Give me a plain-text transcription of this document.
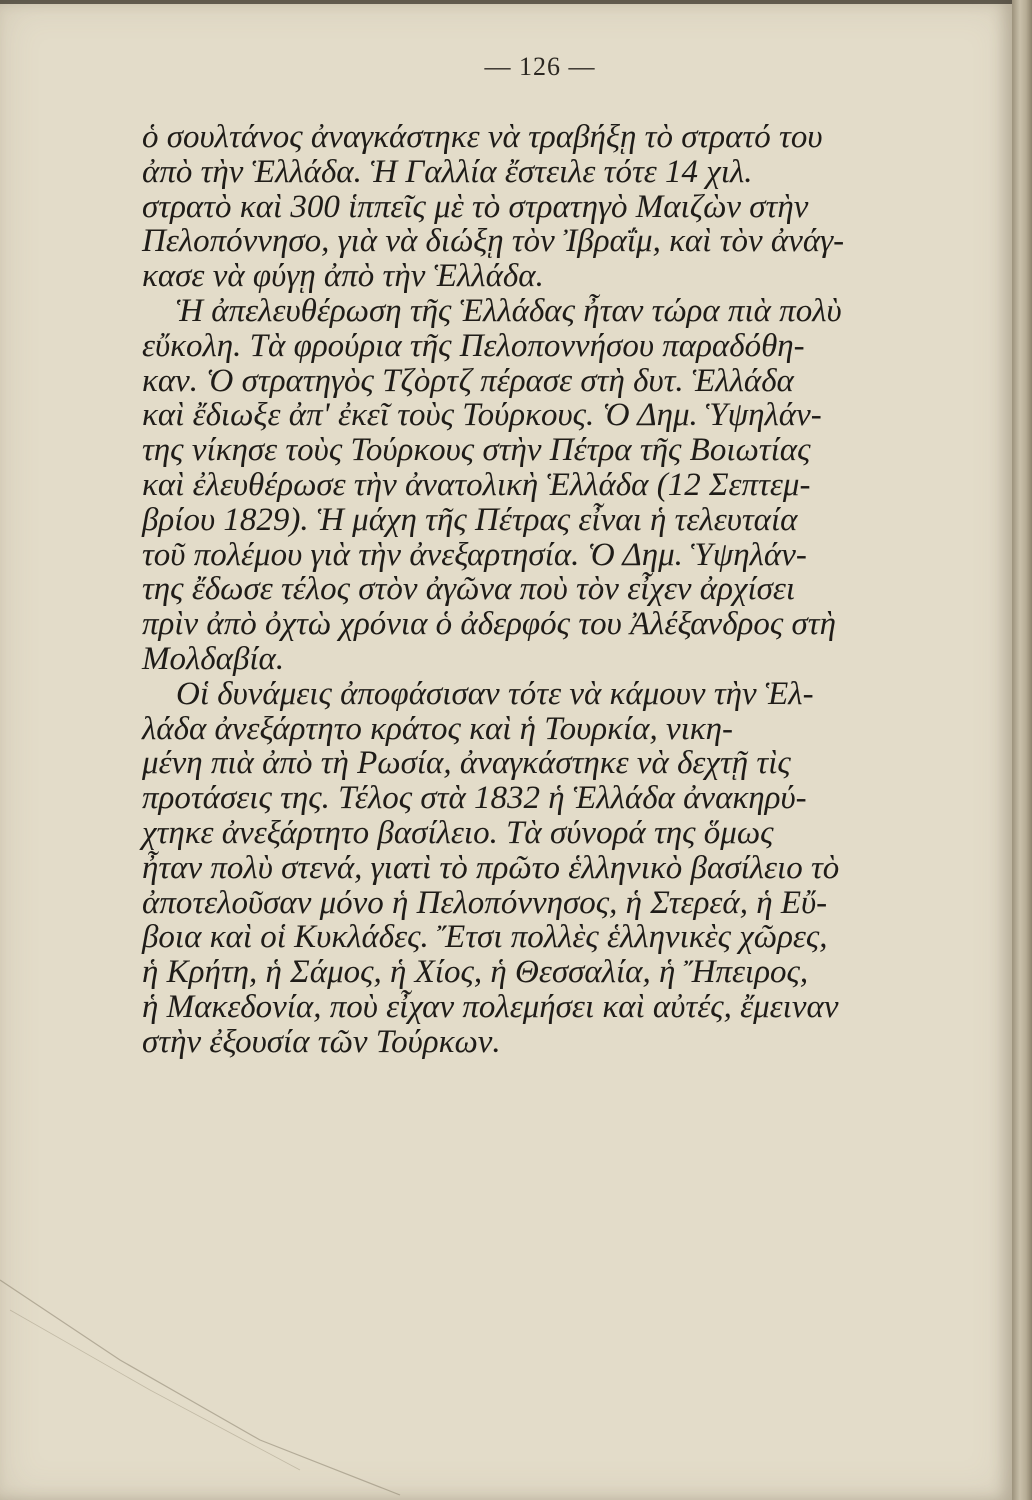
— 126 —
ὁ σουλτάνος ἀναγκάστηκε νὰ τραβήξῃ τὸ στρατό του
ἀπὸ τὴν Ἑλλάδα. Ἡ Γαλλία ἔστειλε τότε 14 χιλ.
στρατὸ καὶ 300 ἱππεῖς μὲ τὸ στρατηγὸ Μαιζὼν στὴν
Πελοπόννησο, γιὰ νὰ διώξῃ τὸν Ἰβραΐμ, καὶ τὸν ἀνάγ-
κασε νὰ φύγῃ ἀπὸ τὴν Ἑλλάδα.
Ἡ ἀπελευθέρωση τῆς Ἑλλάδας ἦταν τώρα πιὰ πολὺ
εὔκολη. Τὰ φρούρια τῆς Πελοποννήσου παραδόθη-
καν. Ὁ στρατηγὸς Τζὸρτζ πέρασε στὴ δυτ. Ἑλλάδα
καὶ ἔδιωξε ἀπ' ἐκεῖ τοὺς Τούρκους. Ὁ Δημ. Ὑψηλάν-
της νίκησε τοὺς Τούρκους στὴν Πέτρα τῆς Βοιωτίας
καὶ ἐλευθέρωσε τὴν ἀνατολικὴ Ἑλλάδα (12 Σεπτεμ-
βρίου 1829). Ἡ μάχη τῆς Πέτρας εἶναι ἡ τελευταία
τοῦ πολέμου γιὰ τὴν ἀνεξαρτησία. Ὁ Δημ. Ὑψηλάν-
της ἔδωσε τέλος στὸν ἀγῶνα ποὺ τὸν εἶχεν ἀρχίσει
πρὶν ἀπὸ ὀχτὼ χρόνια ὁ ἀδερφός του Ἀλέξανδρος στὴ
Μολδαβία.
Οἱ δυνάμεις ἀποφάσισαν τότε νὰ κάμουν τὴν Ἑλ-
λάδα ἀνεξάρτητο κράτος καὶ ἡ Τουρκία, νικη-
μένη πιὰ ἀπὸ τὴ Ρωσία, ἀναγκάστηκε νὰ δεχτῇ τὶς
προτάσεις της. Τέλος στὰ 1832 ἡ Ἑλλάδα ἀνακηρύ-
χτηκε ἀνεξάρτητο βασίλειο. Τὰ σύνορά της ὅμως
ἦταν πολὺ στενά, γιατὶ τὸ πρῶτο ἑλληνικὸ βασίλειο τὸ
ἀποτελοῦσαν μόνο ἡ Πελοπόννησος, ἡ Στερεά, ἡ Εὔ-
βοια καὶ οἱ Κυκλάδες. Ἔτσι πολλὲς ἑλληνικὲς χῶρες,
ἡ Κρήτη, ἡ Σάμος, ἡ Χίος, ἡ Θεσσαλία, ἡ Ἤπειρος,
ἡ Μακεδονία, ποὺ εἶχαν πολεμήσει καὶ αὐτές, ἔμειναν
στὴν ἐξουσία τῶν Τούρκων.
